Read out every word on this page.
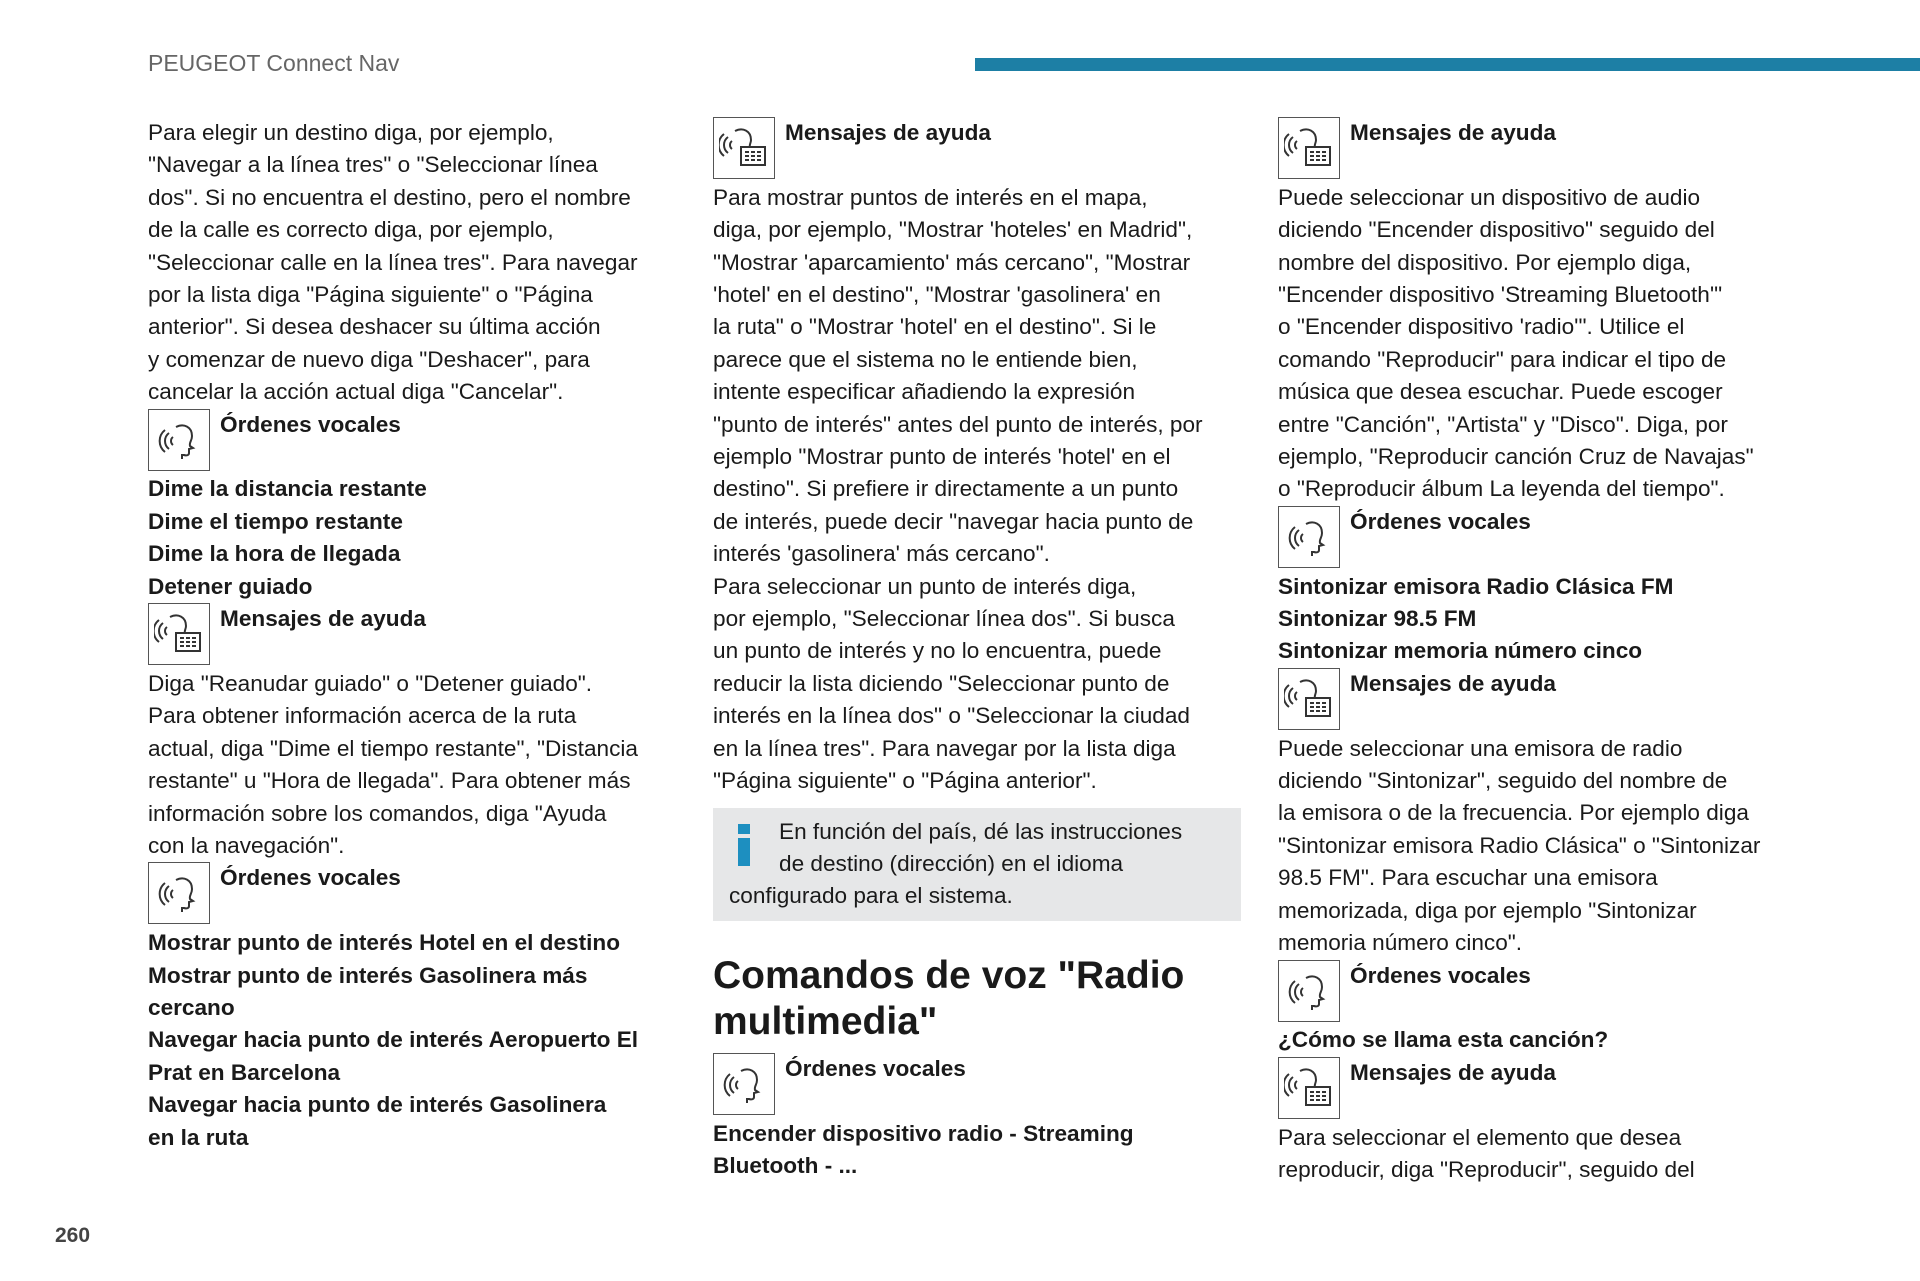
PEUGEOT Connect Nav

Para elegir un destino diga, por ejemplo,

"Navegar a la línea tres" o "Seleccionar línea

dos". Si no encuentra el destino, pero el nombre

de la calle es correcto diga, por ejemplo,

"Seleccionar calle en la línea tres". Para navegar

por la lista diga "Página siguiente" o "Página

anterior". Si desea deshacer su última acción

y comenzar de nuevo diga "Deshacer", para

cancelar la acción actual diga "Cancelar".

Órdenes vocales

Dime la distancia restante

Dime el tiempo restante

Dime la hora de llegada

Detener guiado

Mensajes de ayuda

Diga "Reanudar guiado" o "Detener guiado".

Para obtener información acerca de la ruta

actual, diga "Dime el tiempo restante", "Distancia

restante" u "Hora de llegada". Para obtener más

información sobre los comandos, diga "Ayuda

con la navegación".

Órdenes vocales

Mostrar punto de interés Hotel en el destino

Mostrar punto de interés Gasolinera más

cercano

Navegar hacia punto de interés Aeropuerto El

Prat en Barcelona

Navegar hacia punto de interés Gasolinera

en la ruta

Mensajes de ayuda

Para mostrar puntos de interés en el mapa,

diga, por ejemplo, "Mostrar 'hoteles' en Madrid",

"Mostrar 'aparcamiento' más cercano", "Mostrar

'hotel' en el destino", "Mostrar 'gasolinera' en

la ruta" o "Mostrar 'hotel' en el destino". Si le

parece que el sistema no le entiende bien,

intente especificar añadiendo la expresión

"punto de interés" antes del punto de interés, por

ejemplo "Mostrar punto de interés 'hotel' en el

destino". Si prefiere ir directamente a un punto

de interés, puede decir "navegar hacia punto de

interés 'gasolinera' más cercano".

Para seleccionar un punto de interés diga,

por ejemplo, "Seleccionar línea dos". Si busca

un punto de interés y no lo encuentra, puede

reducir la lista diciendo "Seleccionar punto de

interés en la línea dos" o "Seleccionar la ciudad

en la línea tres". Para navegar por la lista diga

"Página siguiente" o "Página anterior".

En función del país, dé las instrucciones

de destino (dirección) en el idioma

configurado para el sistema.

Comandos de voz "Radio
multimedia"
Órdenes vocales

Encender dispositivo radio - Streaming

Bluetooth - ...

Mensajes de ayuda

Puede seleccionar un dispositivo de audio

diciendo "Encender dispositivo" seguido del

nombre del dispositivo. Por ejemplo diga,

"Encender dispositivo 'Streaming Bluetooth'"

o "Encender dispositivo 'radio'". Utilice el

comando "Reproducir" para indicar el tipo de

música que desea escuchar. Puede escoger

entre "Canción", "Artista" y "Disco". Diga, por

ejemplo, "Reproducir canción Cruz de Navajas"

o "Reproducir álbum La leyenda del tiempo".

Órdenes vocales

Sintonizar emisora Radio Clásica FM

Sintonizar 98.5 FM

Sintonizar memoria número cinco

Mensajes de ayuda

Puede seleccionar una emisora de radio

diciendo "Sintonizar", seguido del nombre de

la emisora o de la frecuencia. Por ejemplo diga

"Sintonizar emisora Radio Clásica" o "Sintonizar

98.5 FM". Para escuchar una emisora

memorizada, diga por ejemplo "Sintonizar

memoria número cinco".

Órdenes vocales

¿Cómo se llama esta canción?

Mensajes de ayuda

Para seleccionar el elemento que desea

reproducir, diga "Reproducir", seguido del

260
